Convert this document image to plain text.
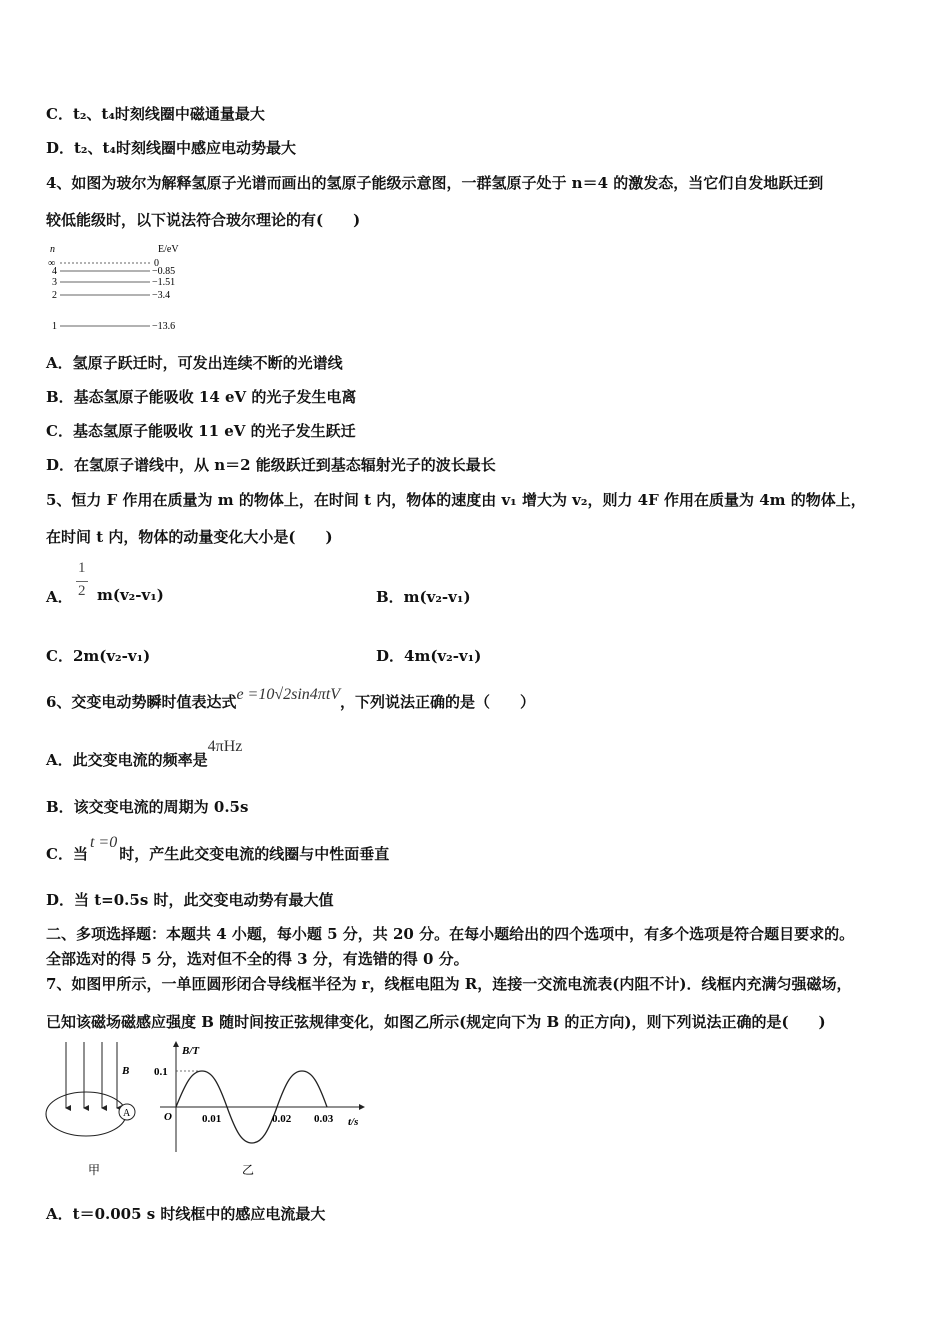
C．t₂、t₄时刻线圈中磁通量最大
D．t₂、t₄时刻线圈中感应电动势最大
4、如图为玻尔为解释氢原子光谱而画出的氢原子能级示意图，一群氢原子处于 n＝4 的激发态，当它们自发地跃迁到
较低能级时，以下说法符合玻尔理论的有(　　)
n	E/eV
∞	0
4	−0.85
3	−1.51
2	−3.4
1	−13.6
A．氢原子跃迁时，可发出连续不断的光谱线
B．基态氢原子能吸收 14 eV 的光子发生电离
C．基态氢原子能吸收 11 eV 的光子发生跃迁
D．在氢原子谱线中，从 n＝2 能级跃迁到基态辐射光子的波长最长
5、恒力 F 作用在质量为 m 的物体上，在时间 t 内，物体的速度由 v₁ 增大为 v₂，则力 4F 作用在质量为 4m 的物体上，
在时间 t 内，物体的动量变化大小是(　　)
A．
1
2 m(v₂-v₁)	B．m(v₂-v₁)
C．2m(v₂-v₁)	D．4m(v₂-v₁)
6、交变电动势瞬时值表达式e =10√2sin4πtV，下列说法正确的是（　　）
A．此交变电流的频率是4πHz
B．该交变电流的周期为 0.5s
C．当t =0时，产生此交变电流的线圈与中性面垂直
D．当 t=0.5s 时，此交变电动势有最大值
二、多项选择题：本题共 4 小题，每小题 5 分，共 20 分。在每小题给出的四个选项中，有多个选项是符合题目要求的。
全部选对的得 5 分，选对但不全的得 3 分，有选错的得 0 分。
7、如图甲所示，一单匝圆形闭合导线框半径为 r，线框电阻为 R，连接一交流电流表(内阻不计)．线框内充满匀强磁场，
已知该磁场磁感应强度 B 随时间按正弦规律变化，如图乙所示(规定向下为 B 的正方向)，则下列说法正确的是(　　)
B
A
甲
B/T
t/s
O
0.1
0.01	0.02 0.03
乙
A．t＝0.005 s 时线框中的感应电流最大
